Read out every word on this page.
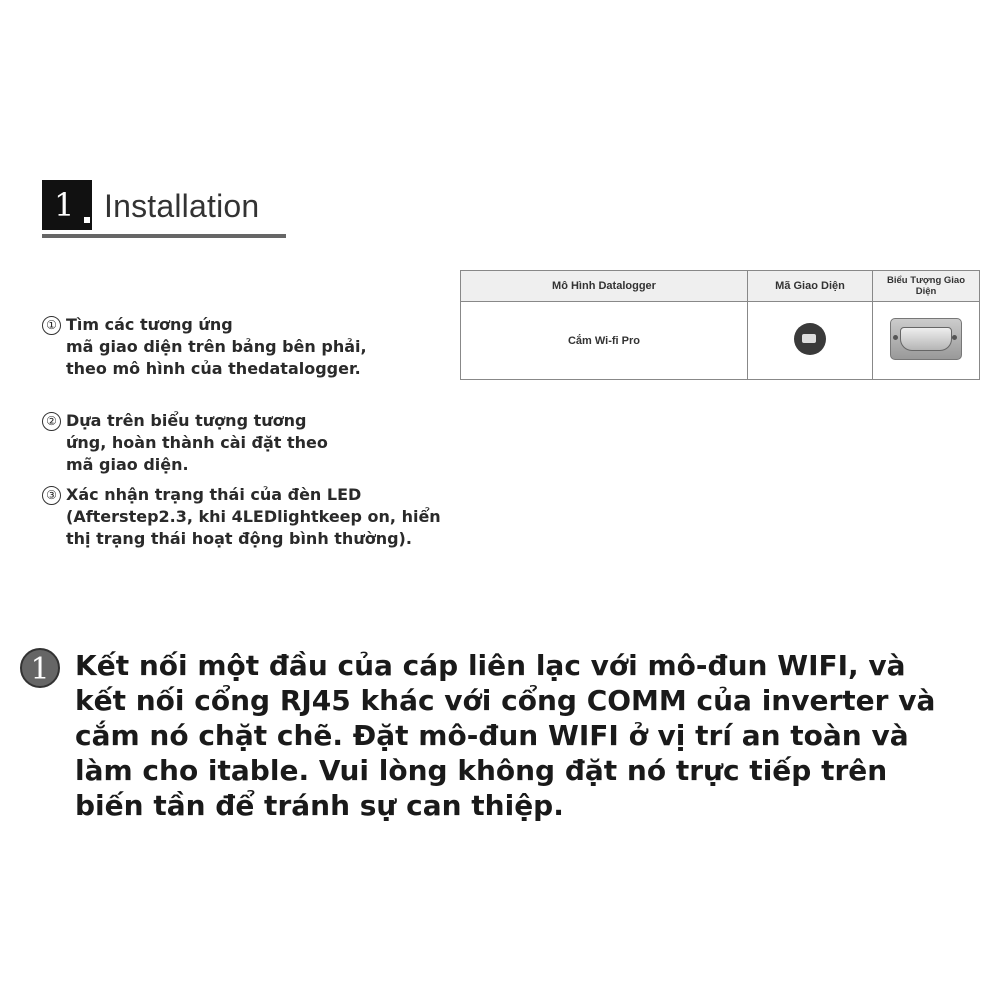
1 Installation
① Tìm các tương ứng
mã giao diện trên bảng bên phải,
theo mô hình của thedatalogger.
② Dựa trên biểu tượng tương
ứng, hoàn thành cài đặt theo
mã giao diện.
③ Xác nhận trạng thái của đèn LED
(Afterstep2.3, khi 4LEDlightkeep on, hiển
thị trạng thái hoạt động bình thường).
Mô Hình Datalogger	Mã Giao Diện	Biểu Tượng Giao Diện
Cắm Wi-fi Pro		
1 Kết nối một đầu của cáp liên lạc với mô-đun WIFI, và kết nối cổng RJ45 khác với cổng COMM của inverter và cắm nó chặt chẽ. Đặt mô-đun WIFI ở vị trí an toàn và làm cho itable. Vui lòng không đặt nó trực tiếp trên biến tần để tránh sự can thiệp.
